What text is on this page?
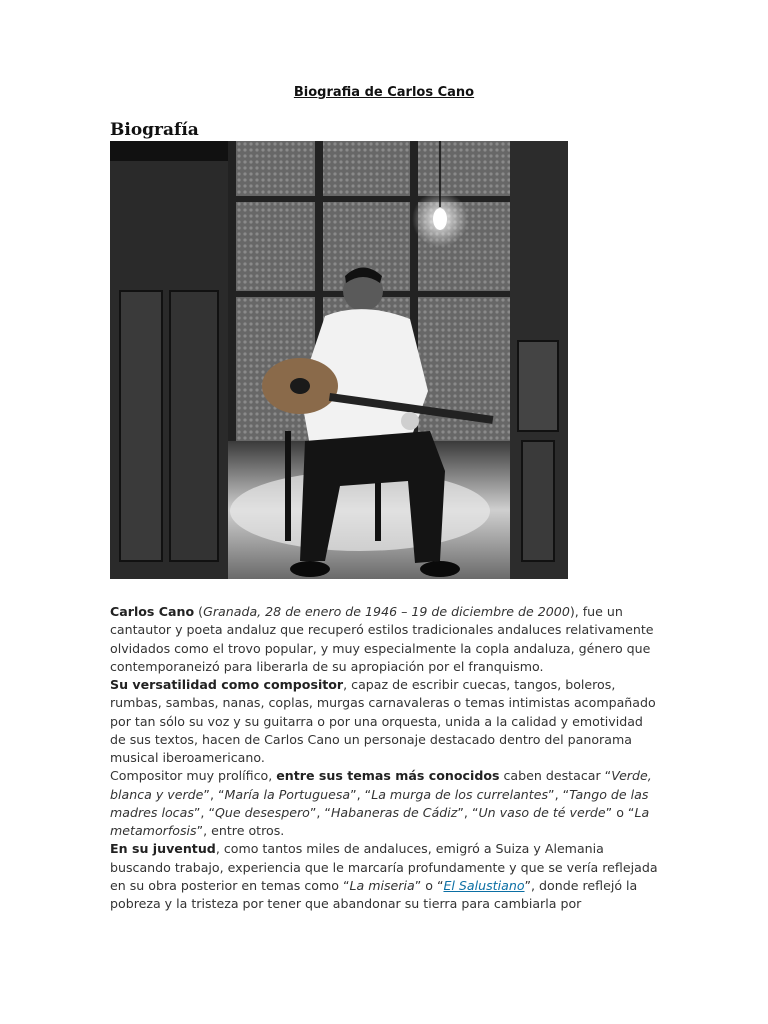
Biografia de Carlos Cano
Biografía

Carlos Cano (Granada, 28 de enero de 1946 – 19 de diciembre de 2000), fue un cantautor y poeta andaluz que recuperó estilos tradicionales andaluces relativamente olvidados como el trovo popular, y muy especialmente la copla andaluza, género que contemporaneizó para liberarla de su apropiación por el franquismo.

Su versatilidad como compositor, capaz de escribir cuecas, tangos, boleros, rumbas, sambas, nanas, coplas, murgas carnavaleras o temas intimistas acompañado por tan sólo su voz y su guitarra o por una orquesta, unida a la calidad y emotividad de sus textos, hacen de Carlos Cano un personaje destacado dentro del panorama musical iberoamericano.

Compositor muy prolífico, entre sus temas más conocidos caben destacar “Verde, blanca y verde”, “María la Portuguesa”, “La murga de los currelantes”, “Tango de las madres locas”, “Que desespero”, “Habaneras de Cádiz”, “Un vaso de té verde” o “La metamorfosis”, entre otros.

En su juventud, como tantos miles de andaluces, emigró a Suiza y Alemania buscando trabajo, experiencia que le marcaría profundamente y que se vería reflejada en su obra posterior en temas como “La miseria” o “El Salustiano”, donde reflejó la pobreza y la tristeza por tener que abandonar su tierra para cambiarla por
